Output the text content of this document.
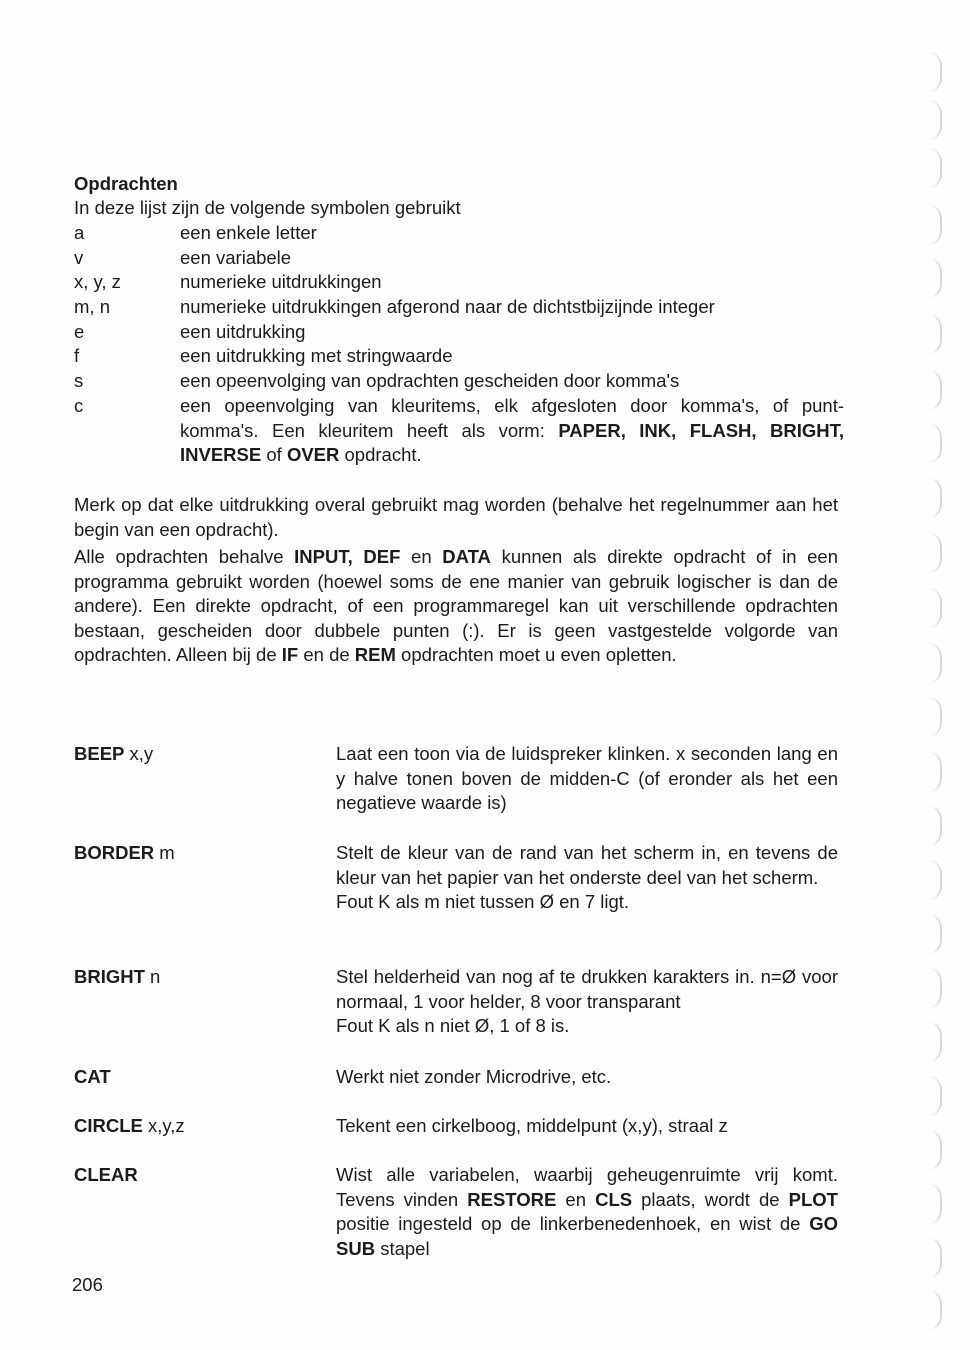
Opdrachten
In deze lijst zijn de volgende symbolen gebruikt
a	een enkele letter
v	een variabele
x, y, z	numerieke uitdrukkingen
m, n	numerieke uitdrukkingen afgerond naar de dichtstbijzijnde integer
e	een uitdrukking
f	een uitdrukking met stringwaarde
s	een opeenvolging van opdrachten gescheiden door komma's
c	een opeenvolging van kleuritems, elk afgesloten door komma's, of punt-komma's. Een kleuritem heeft als vorm: PAPER, INK, FLASH, BRIGHT, INVERSE of OVER opdracht.
Merk op dat elke uitdrukking overal gebruikt mag worden (behalve het regelnummer aan het begin van een opdracht).
Alle opdrachten behalve INPUT, DEF en DATA kunnen als direkte opdracht of in een programma gebruikt worden (hoewel soms de ene manier van gebruik logischer is dan de andere). Een direkte opdracht, of een programmaregel kan uit verschillende opdrachten bestaan, gescheiden door dubbele punten (:). Er is geen vastgestelde volgorde van opdrachten. Alleen bij de IF en de REM opdrachten moet u even opletten.
BEEP x,y	Laat een toon via de luidspreker klinken. x seconden lang en y halve tonen boven de midden-C (of eronder als het een negatieve waarde is)
BORDER m	Stelt de kleur van de rand van het scherm in, en tevens de kleur van het papier van het onderste deel van het scherm.
Fout K als m niet tussen Ø en 7 ligt.
BRIGHT n	Stel helderheid van nog af te drukken karakters in. n=Ø voor normaal, 1 voor helder, 8 voor transparant
Fout K als n niet Ø, 1 of 8 is.
CAT	Werkt niet zonder Microdrive, etc.
CIRCLE x,y,z	Tekent een cirkelboog, middelpunt (x,y), straal z
CLEAR	Wist alle variabelen, waarbij geheugenruimte vrij komt. Tevens vinden RESTORE en CLS plaats, wordt de PLOT positie ingesteld op de linkerbenedenhoek, en wist de GO SUB stapel
206
